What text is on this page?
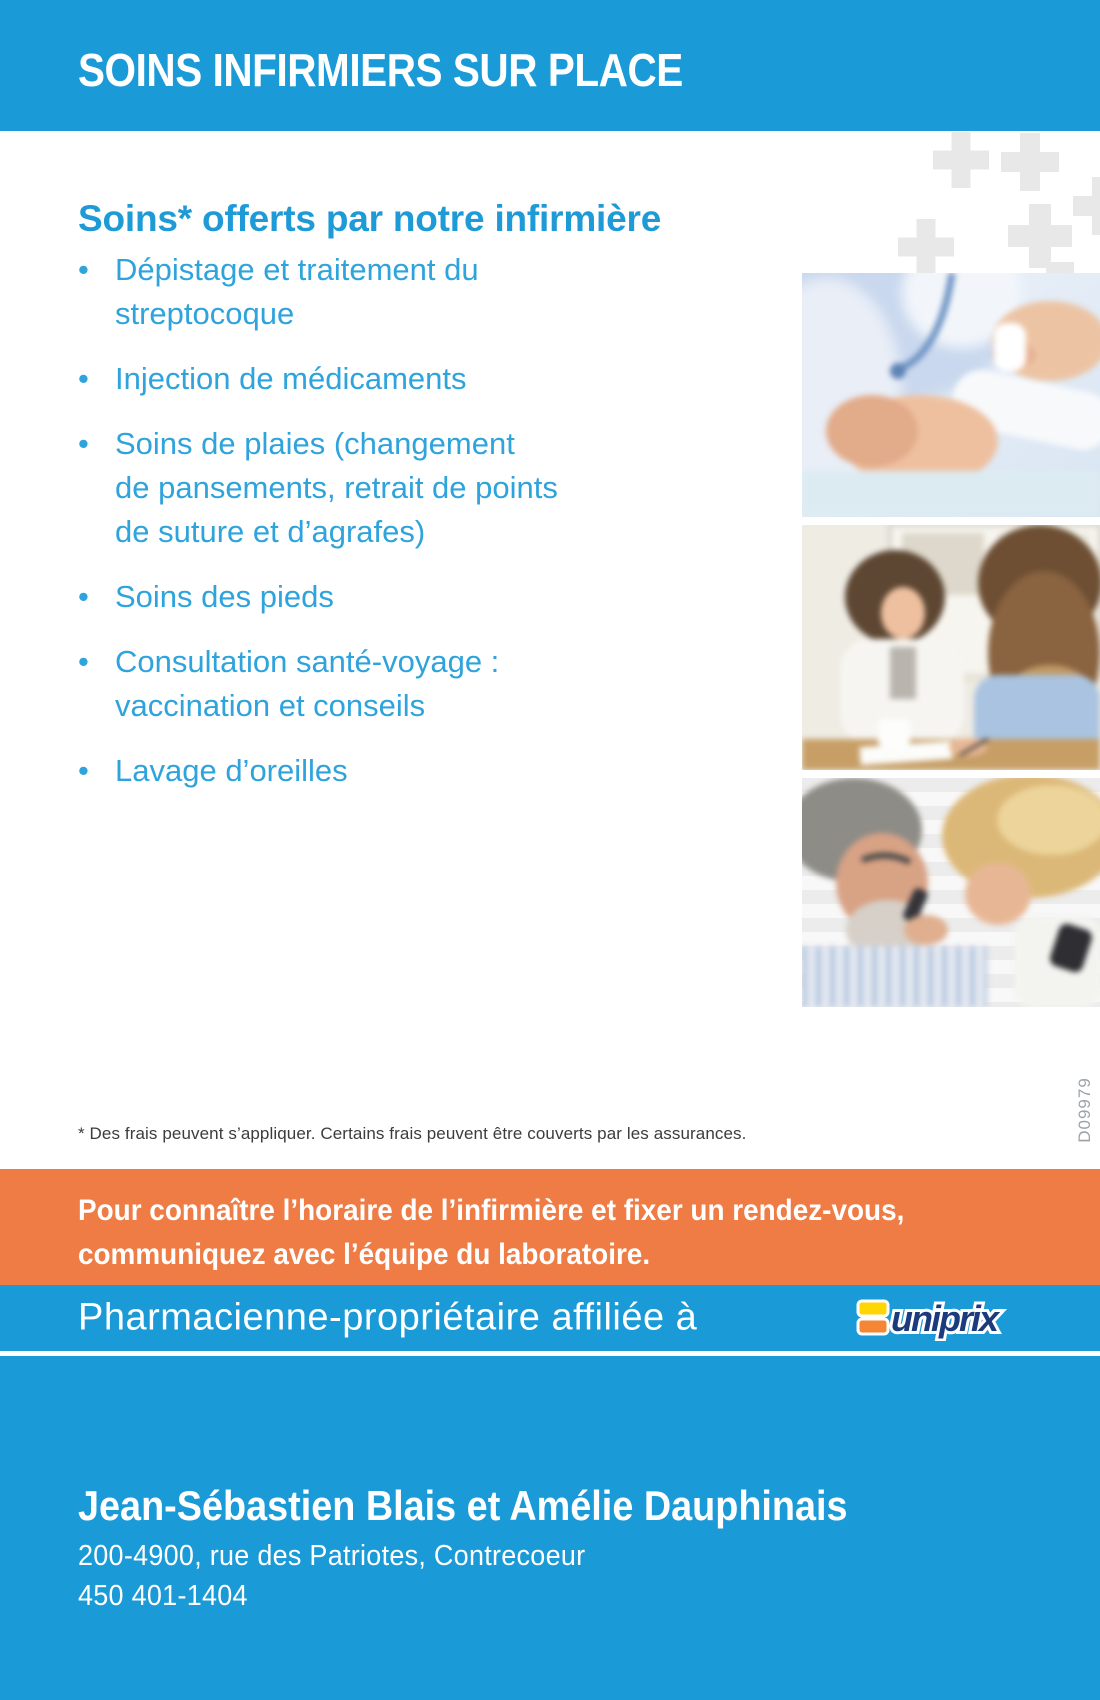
SOINS INFIRMIERS SUR PLACE
Soins* offerts par notre infirmière
• Dépistage et traitement du
streptocoque
• Injection de médicaments
• Soins de plaies (changement
de pansements, retrait de points
de suture et d’agrafes)
• Soins des pieds
• Consultation santé-voyage :
vaccination et conseils
• Lavage d’oreilles

* Des frais peuvent s’appliquer. Certains frais peuvent être couverts par les assurances.	D09979
Pour connaître l’horaire de l’infirmière et fixer un rendez-vous,
communiquez avec l’équipe du laboratoire.
Pharmacienne-propriétaire affiliée à	uniprix

Jean-Sébastien Blais et Amélie Dauphinais

200-4900, rue des Patriotes, Contrecoeur

450 401-1404
